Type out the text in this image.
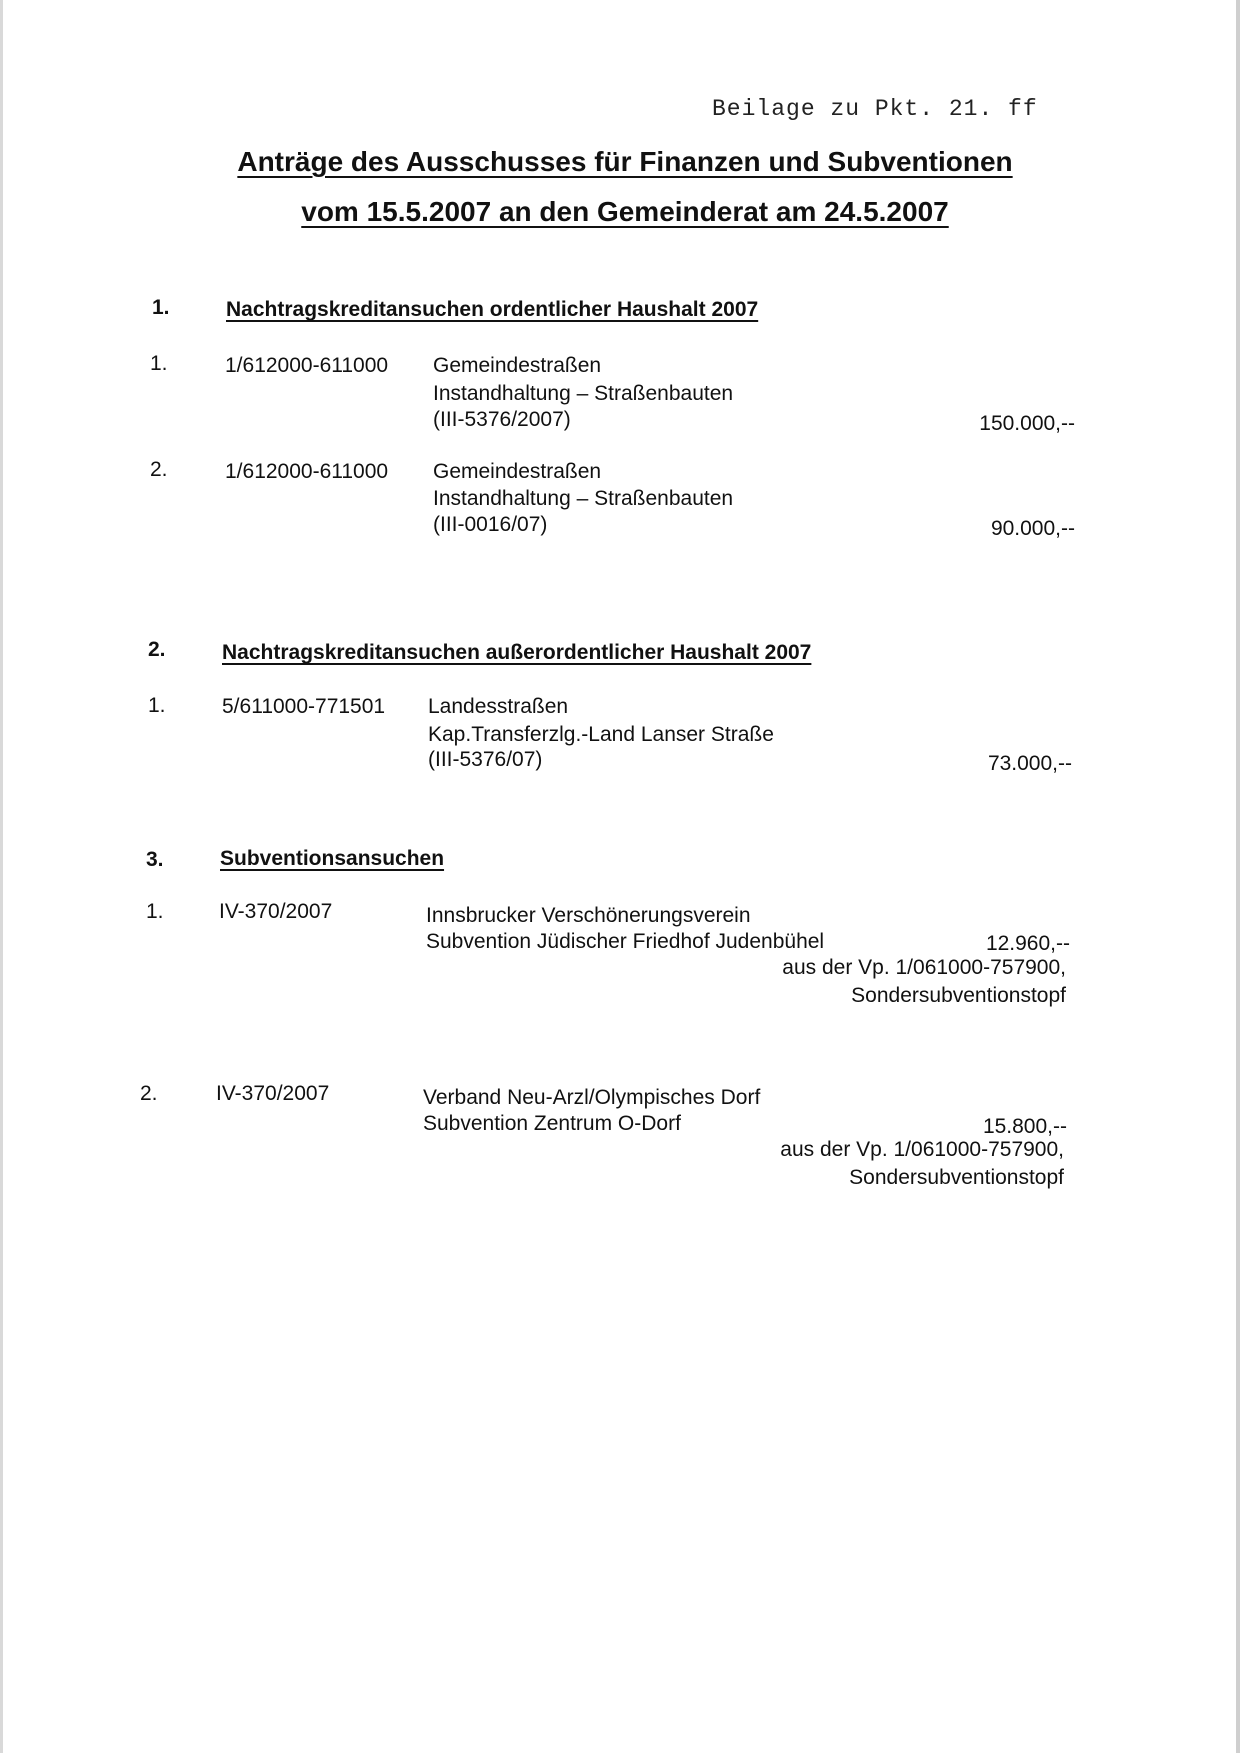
Beilage zu Pkt. 21. ff
Anträge des Ausschusses für Finanzen und Subventionen
vom 15.5.2007 an den Gemeinderat am 24.5.2007
1.	Nachtragskreditansuchen ordentlicher Haushalt 2007
1.	1/612000-611000 Gemeindestraßen
Instandhaltung – Straßenbauten
(III-5376/2007)	150.000,--
2.	1/612000-611000 Gemeindestraßen
Instandhaltung – Straßenbauten
(III-0016/07)	90.000,--
2.	Nachtragskreditansuchen außerordentlicher Haushalt 2007
1.	5/611000-771501 Landesstraßen
Kap.Transferzlg.-Land Lanser Straße
(III-5376/07)	73.000,--
3.	Subventionsansuchen
1.	IV-370/2007	Innsbrucker Verschönerungsverein
Subvention Jüdischer Friedhof Judenbühel	12.960,--
aus der Vp. 1/061000-757900,
Sondersubventionstopf
2.	IV-370/2007	Verband Neu-Arzl/Olympisches Dorf
Subvention Zentrum O-Dorf	15.800,--
aus der Vp. 1/061000-757900,
Sondersubventionstopf
